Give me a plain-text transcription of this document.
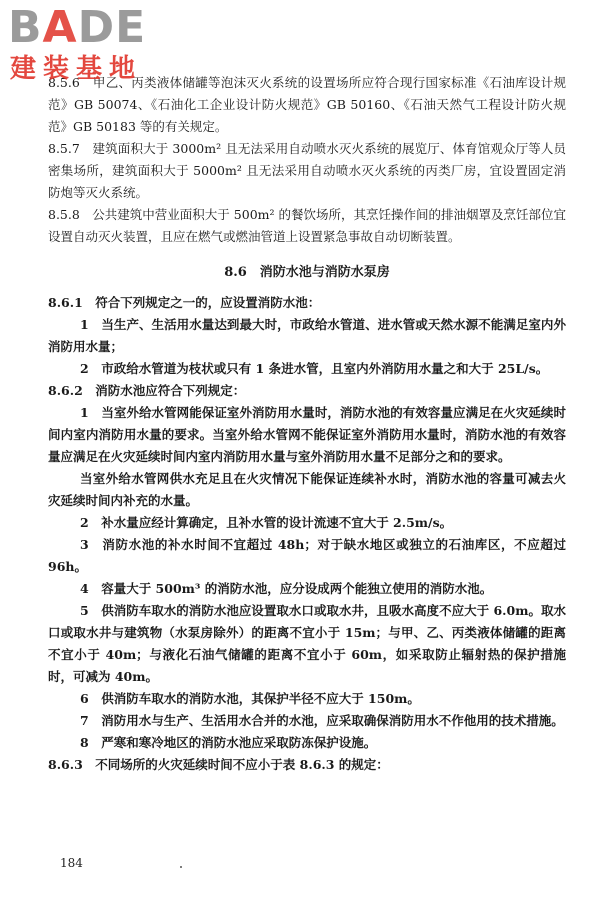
BADE
建装基地

8.5.6　甲乙、丙类液体储罐等泡沫灭火系统的设置场所应符合现行国家标准《石油库设计规范》GB 50074、《石油化工企业设计防火规范》GB 50160、《石油天然气工程设计防火规范》GB 50183 等的有关规定。

8.5.7　建筑面积大于 3000m² 且无法采用自动喷水灭火系统的展览厅、体育馆观众厅等人员密集场所，建筑面积大于 5000m² 且无法采用自动喷水灭火系统的丙类厂房，宜设置固定消防炮等灭火系统。

8.5.8　公共建筑中营业面积大于 500m² 的餐饮场所，其烹饪操作间的排油烟罩及烹饪部位宜设置自动灭火装置，且应在燃气或燃油管道上设置紧急事故自动切断装置。

8.6　消防水池与消防水泵房

8.6.1　符合下列规定之一的，应设置消防水池：

1　当生产、生活用水量达到最大时，市政给水管道、进水管或天然水源不能满足室内外消防用水量；

2　市政给水管道为枝状或只有 1 条进水管，且室内外消防用水量之和大于 25L/s。

8.6.2　消防水池应符合下列规定：

1　当室外给水管网能保证室外消防用水量时，消防水池的有效容量应满足在火灾延续时间内室内消防用水量的要求。当室外给水管网不能保证室外消防用水量时，消防水池的有效容量应满足在火灾延续时间内室内消防用水量与室外消防用水量不足部分之和的要求。

当室外给水管网供水充足且在火灾情况下能保证连续补水时，消防水池的容量可减去火灾延续时间内补充的水量。

2　补水量应经计算确定，且补水管的设计流速不宜大于 2.5m/s。

3　消防水池的补水时间不宜超过 48h；对于缺水地区或独立的石油库区，不应超过 96h。

4　容量大于 500m³ 的消防水池，应分设成两个能独立使用的消防水池。

5　供消防车取水的消防水池应设置取水口或取水井，且吸水高度不应大于 6.0m。取水口或取水井与建筑物（水泵房除外）的距离不宜小于 15m；与甲、乙、丙类液体储罐的距离不宜小于 40m；与液化石油气储罐的距离不宜小于 60m，如采取防止辐射热的保护措施时，可减为 40m。

6　供消防车取水的消防水池，其保护半径不应大于 150m。

7　消防用水与生产、生活用水合并的水池，应采取确保消防用水不作他用的技术措施。

8　严寒和寒冷地区的消防水池应采取防冻保护设施。

8.6.3　不同场所的火灾延续时间不应小于表 8.6.3 的规定：

184
